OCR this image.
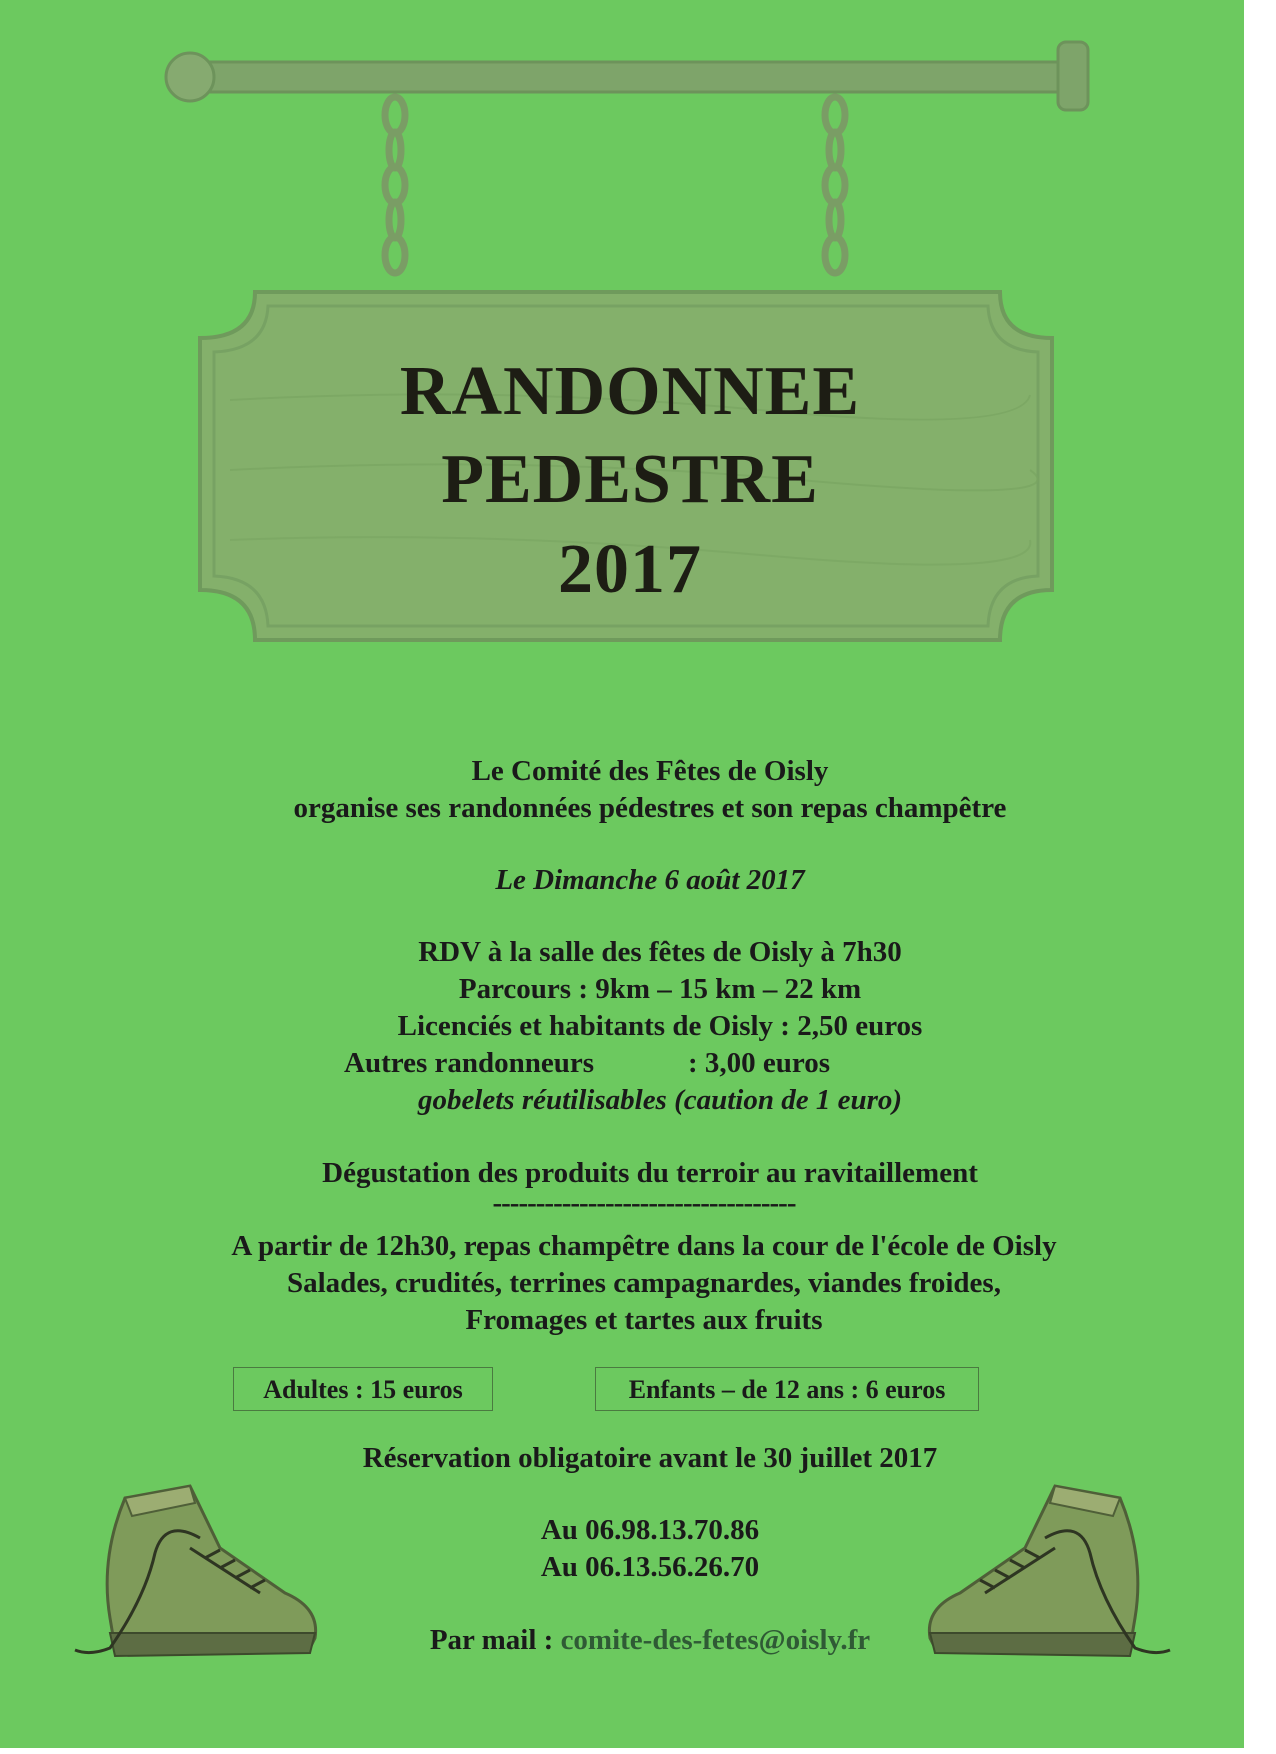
RANDONNEE
PEDESTRE
2017
Le Comité des Fêtes de Oisly
organise ses randonnées pédestres et son repas champêtre
Le Dimanche 6 août 2017
RDV à la salle des fêtes de Oisly à 7h30
Parcours : 9km – 15 km – 22 km
Licenciés et habitants de Oisly : 2,50 euros
Autres randonneurs	: 3,00 euros
gobelets réutilisables (caution de 1 euro)
Dégustation des produits du terroir au ravitaillement
-----------------------------------
A partir de 12h30, repas champêtre dans la cour de l'école de Oisly
Salades, crudités, terrines campagnardes, viandes froides,
Fromages et tartes aux fruits
Adultes : 15 euros	Enfants – de 12 ans : 6 euros
Réservation obligatoire avant le 30 juillet 2017
Au 06.98.13.70.86
Au 06.13.56.26.70
Par mail : comite-des-fetes@oisly.fr
